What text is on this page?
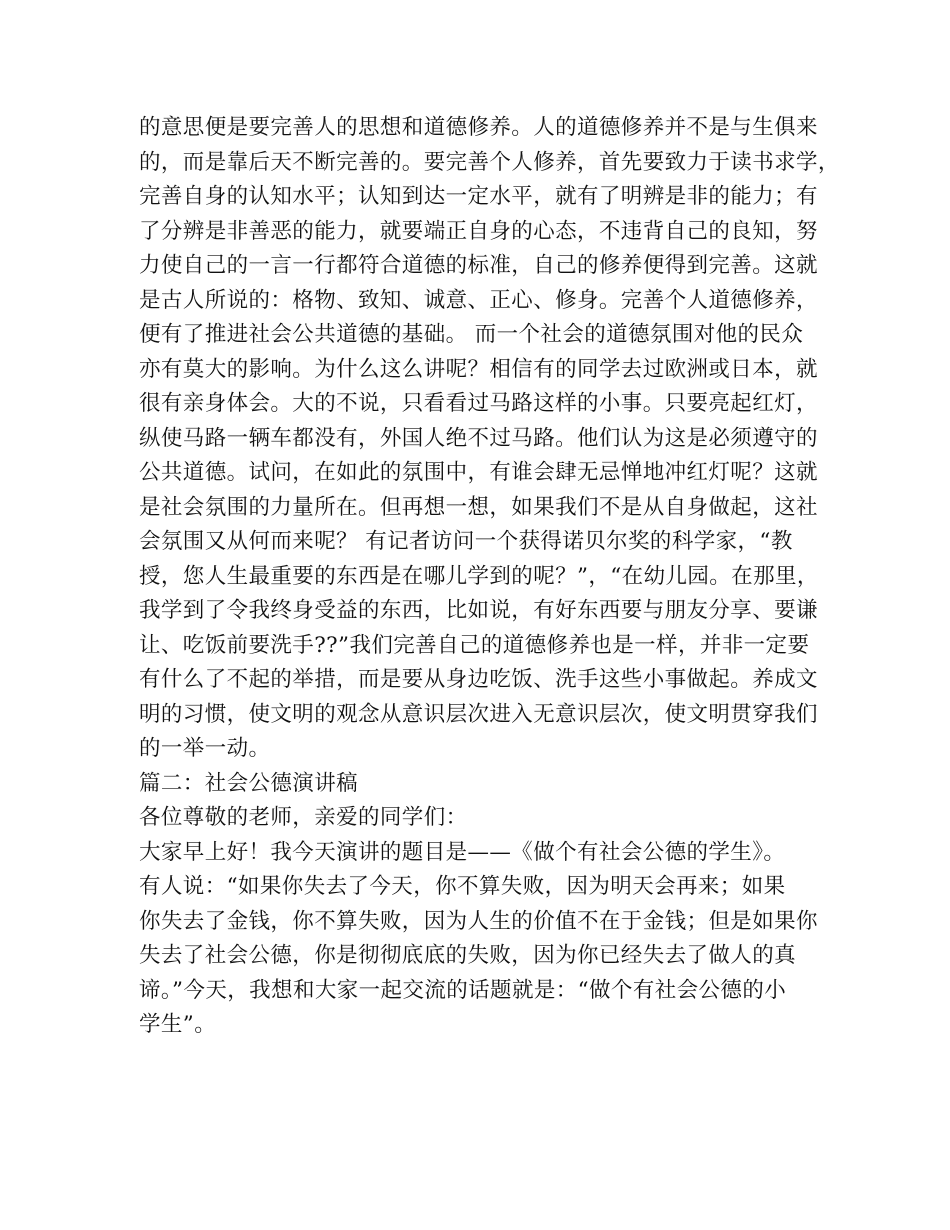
的意思便是要完善人的思想和道德修养。人的道德修养并不是与生俱来
的，而是靠后天不断完善的。要完善个人修养，首先要致力于读书求学，
完善自身的认知水平；认知到达一定水平，就有了明辨是非的能力；有
了分辨是非善恶的能力，就要端正自身的心态，不违背自己的良知，努
力使自己的一言一行都符合道德的标准，自己的修养便得到完善。这就
是古人所说的：格物、致知、诚意、正心、修身。完善个人道德修养，
便有了推进社会公共道德的基础。 而一个社会的道德氛围对他的民众
亦有莫大的影响。为什么这么讲呢？相信有的同学去过欧洲或日本，就
很有亲身体会。大的不说，只看看过马路这样的小事。只要亮起红灯，
纵使马路一辆车都没有，外国人绝不过马路。他们认为这是必须遵守的
公共道德。试问，在如此的氛围中，有谁会肆无忌惮地冲红灯呢？这就
是社会氛围的力量所在。但再想一想，如果我们不是从自身做起，这社
会氛围又从何而来呢？ 有记者访问一个获得诺贝尔奖的科学家，“教
授，您人生最重要的东西是在哪儿学到的呢？”，“在幼儿园。在那里，
我学到了令我终身受益的东西，比如说，有好东西要与朋友分享、要谦
让、吃饭前要洗手??”我们完善自己的道德修养也是一样，并非一定要
有什么了不起的举措，而是要从身边吃饭、洗手这些小事做起。养成文
明的习惯，使文明的观念从意识层次进入无意识层次，使文明贯穿我们
的一举一动。
篇二：社会公德演讲稿
各位尊敬的老师，亲爱的同学们：
大家早上好！我今天演讲的题目是——《做个有社会公德的学生》。
有人说：“如果你失去了今天，你不算失败，因为明天会再来；如果
你失去了金钱，你不算失败，因为人生的价值不在于金钱；但是如果你
失去了社会公德，你是彻彻底底的失败，因为你已经失去了做人的真
谛。”今天，我想和大家一起交流的话题就是：“做个有社会公德的小
学生”。
